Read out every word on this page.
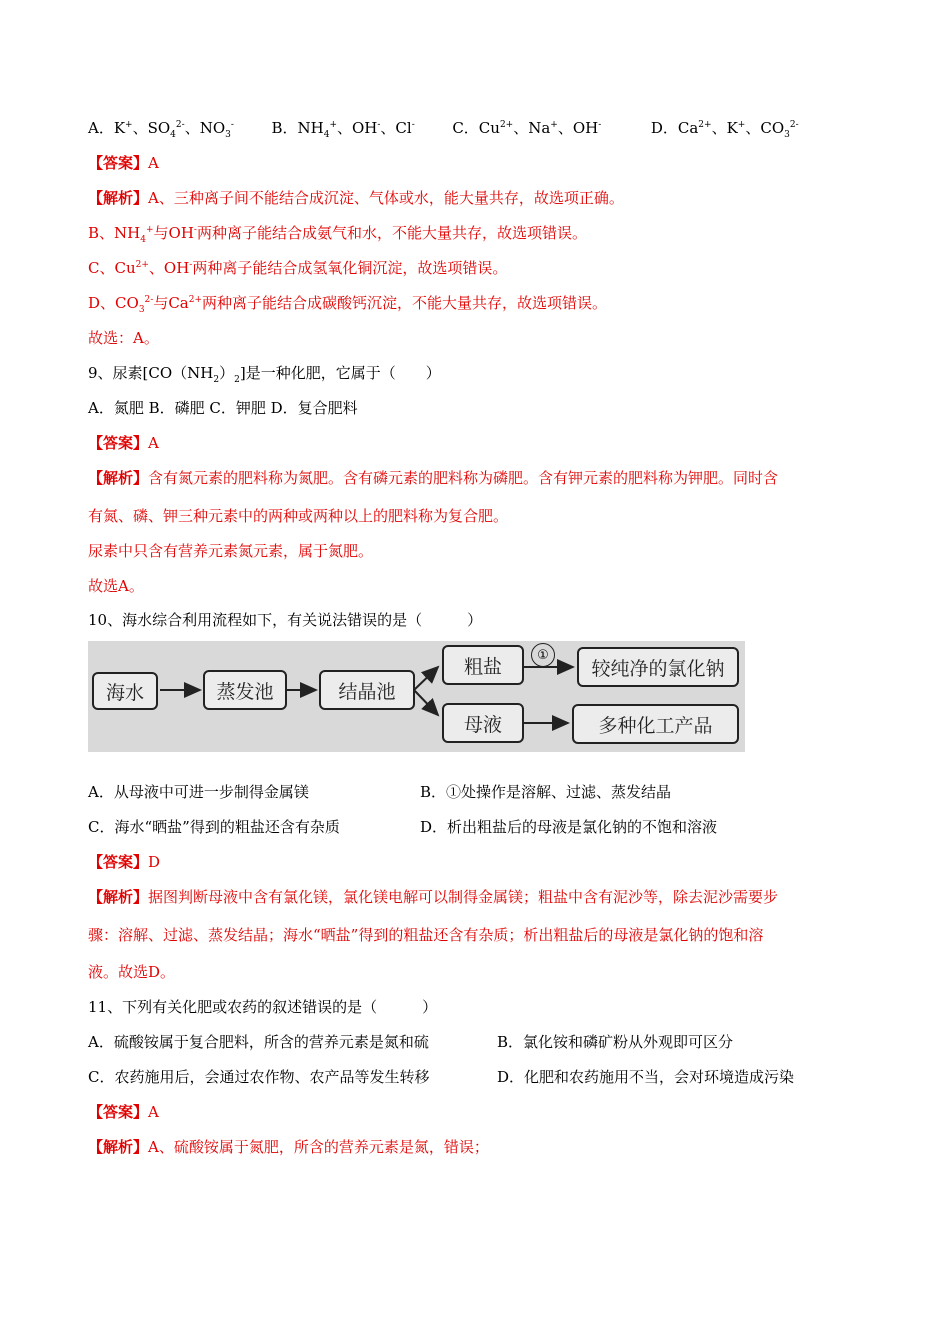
A．K+、$SO_4^{2-}$、$NO_3^-$	B．$NH_4^+$、OH-、Cl-	C．$Cu^{2+}$、Na+、OH-	D．$Ca^{2+}$、K+、$CO_3^{2-}$
【答案】A
【解析】A、三种离子间不能结合成沉淀、气体或水，能大量共存，故选项正确。
B、$NH_4^+$与OH-两种离子能结合成氨气和水，不能大量共存，故选项错误。
C、$Cu^{2+}$、OH-两种离子能结合成氢氧化铜沉淀，故选项错误。
D、$CO_3^{2-}$与$Ca^{2+}$两种离子能结合成碳酸钙沉淀，不能大量共存，故选项错误。
故选：A。
9、尿素$[CO(NH_2)_2]$是一种化肥，它属于（　　）
A．氮肥 B．磷肥 C．钾肥 D．复合肥料
【答案】A
【解析】含有氮元素的肥料称为氮肥。含有磷元素的肥料称为磷肥。含有钾元素的肥料称为钾肥。同时含
有氮、磷、钾三种元素中的两种或两种以上的肥料称为复合肥。
尿素中只含有营养元素氮元素，属于氮肥。
故选A。
10、海水综合利用流程如下，有关说法错误的是（　　　）
海水	蒸发池	结晶池
粗盐
①
较纯净的氯化钠
母液	多种化工产品
A．从母液中可进一步制得金属镁	B．①处操作是溶解、过滤、蒸发结晶
C．海水“晒盐”得到的粗盐还含有杂质	D．析出粗盐后的母液是氯化钠的不饱和溶液
【答案】D
【解析】据图判断母液中含有氯化镁，氯化镁电解可以制得金属镁；粗盐中含有泥沙等，除去泥沙需要步
骤：溶解、过滤、蒸发结晶；海水“晒盐”得到的粗盐还含有杂质；析出粗盐后的母液是氯化钠的饱和溶
液。故选D。
11、下列有关化肥或农药的叙述错误的是（　　　）
A．硫酸铵属于复合肥料，所含的营养元素是氮和硫	B．氯化铵和磷矿粉从外观即可区分
C．农药施用后，会通过农作物、农产品等发生转移	D．化肥和农药施用不当，会对环境造成污染
【答案】A
【解析】A、硫酸铵属于氮肥，所含的营养元素是氮，错误；
